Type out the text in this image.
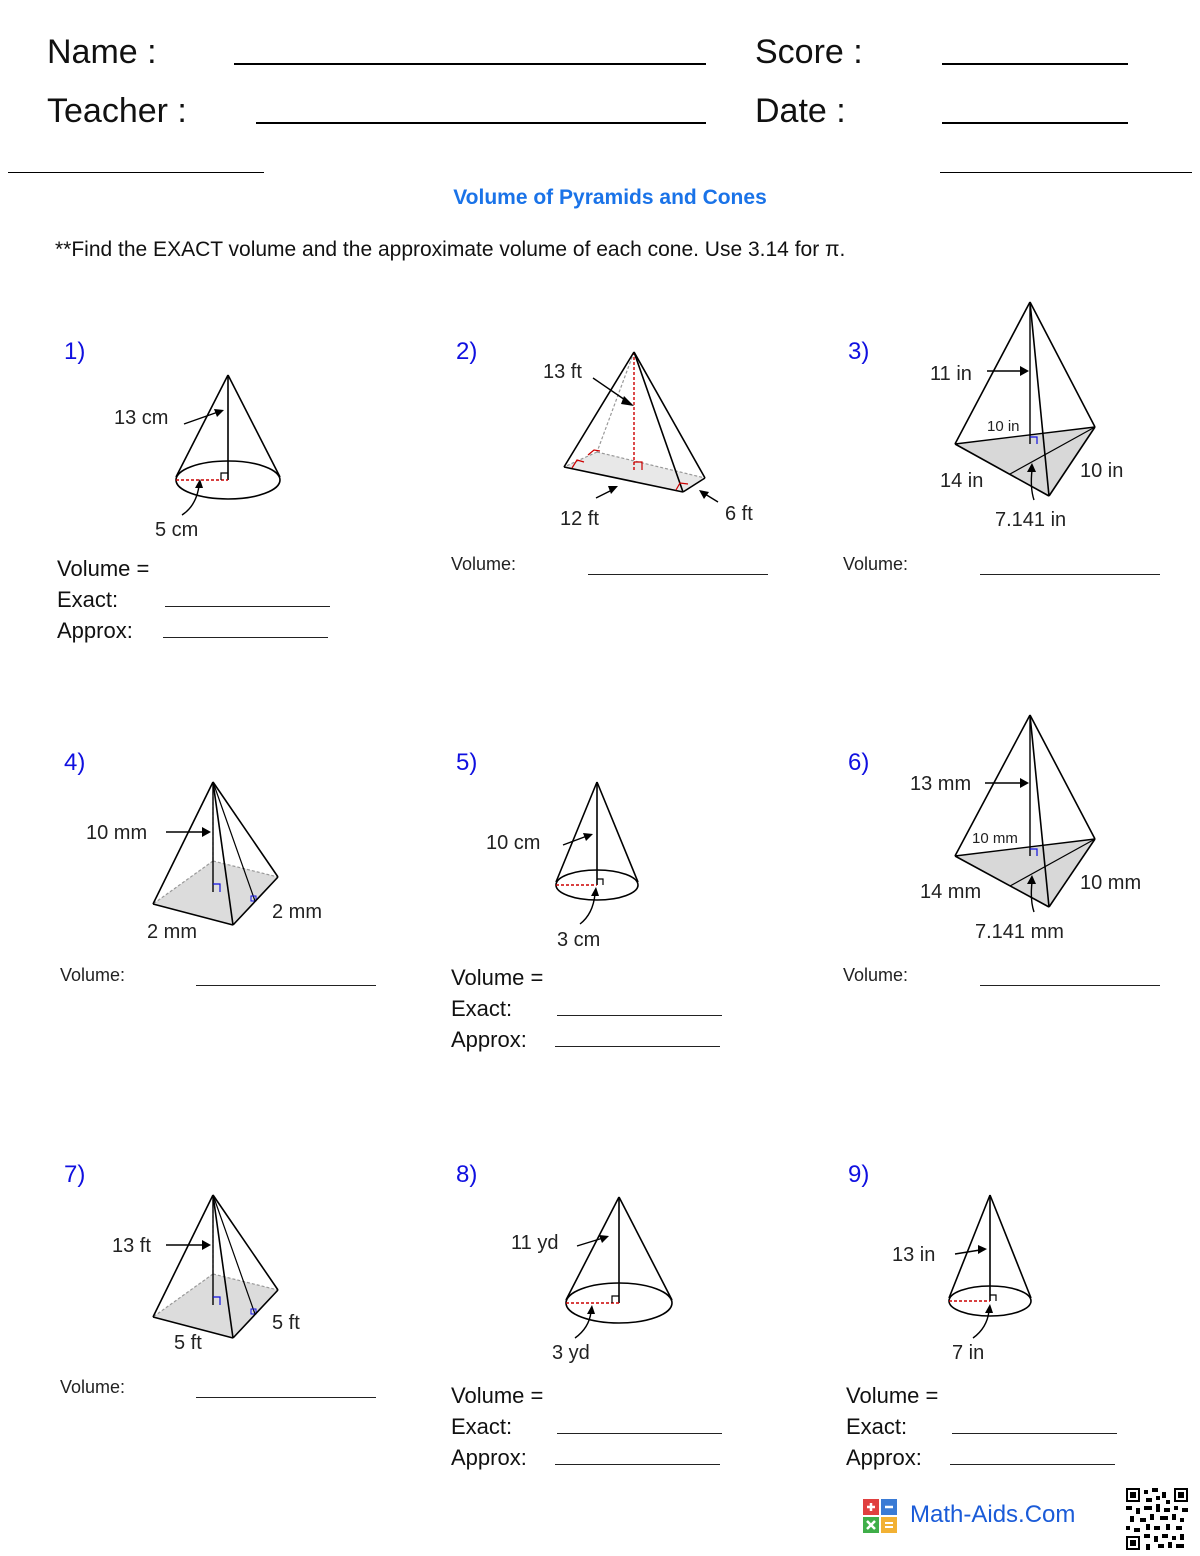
Name :
Teacher :
Score :
Date :
Volume of Pyramids and Cones
**Find the EXACT volume and the approximate volume of each cone. Use 3.14 for π.
1)
13 cm
5 cm
Volume =
Exact:
Approx:
2)
13 ft
12 ft	6 ft
Volume:
3)
11 in
10 in
14 in	10 in
7.141 in
Volume:
4)
10 mm
2 mm
2 mm
Volume:
5)
10 cm
3 cm
Volume =
Exact:
Approx:
6)
13 mm
10 mm
14 mm	10 mm
7.141 mm
Volume:
7)
13 ft
5 ft
5 ft
Volume:
8)
11 yd
3 yd
Volume =
Exact:
Approx:
9)
13 in
7 in
Volume =
Exact:
Approx:
Math-Aids.Com
